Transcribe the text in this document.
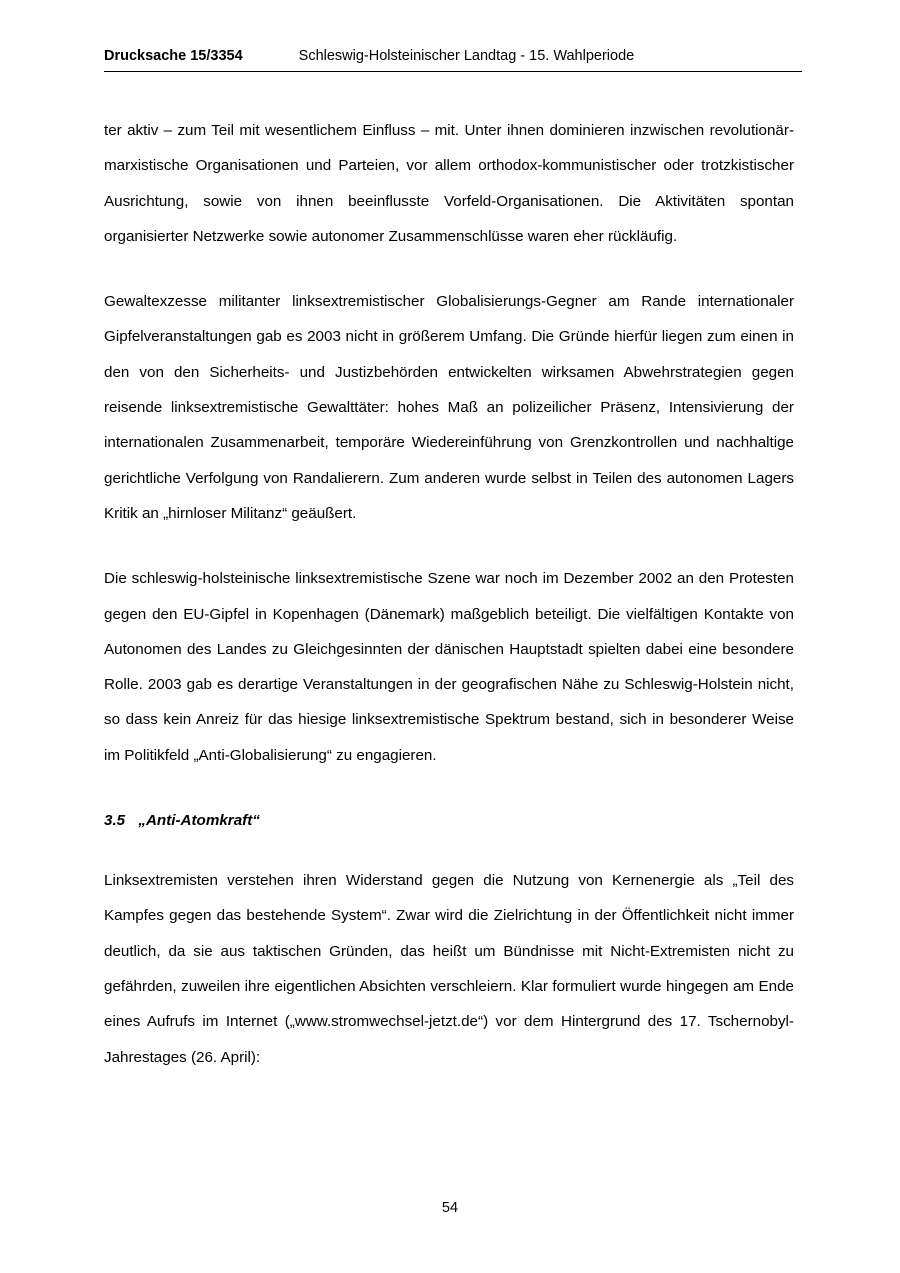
Drucksache 15/3354	Schleswig-Holsteinischer Landtag - 15. Wahlperiode

ter aktiv – zum Teil mit wesentlichem Einfluss – mit. Unter ihnen dominieren inzwischen revolutionär-marxistische Organisationen und Parteien, vor allem orthodox-kommunistischer oder trotzkistischer Ausrichtung, sowie von ihnen beeinflusste Vorfeld-Organisationen. Die Aktivitäten spontan organisierter Netzwerke sowie autonomer Zusammenschlüsse waren eher rückläufig.

Gewaltexzesse militanter linksextremistischer Globalisierungs-Gegner am Rande internationaler Gipfelveranstaltungen gab es 2003 nicht in größerem Umfang. Die Gründe hierfür liegen zum einen in den von den Sicherheits- und Justizbehörden entwickelten wirksamen Abwehrstrategien gegen reisende linksextremistische Gewalttäter: hohes Maß an polizeilicher Präsenz, Intensivierung der internationalen Zusammenarbeit, temporäre Wiedereinführung von Grenzkontrollen und nachhaltige gerichtliche Verfolgung von Randalierern. Zum anderen wurde selbst in Teilen des autonomen Lagers Kritik an „hirnloser Militanz“ geäußert.

Die schleswig-holsteinische linksextremistische Szene war noch im Dezember 2002 an den Protesten gegen den EU-Gipfel in Kopenhagen (Dänemark) maßgeblich beteiligt. Die vielfältigen Kontakte von Autonomen des Landes zu Gleichgesinnten der dänischen Hauptstadt spielten dabei eine besondere Rolle. 2003 gab es derartige Veranstaltungen in der geografischen Nähe zu Schleswig-Holstein nicht, so dass kein Anreiz für das hiesige linksextremistische Spektrum bestand, sich in besonderer Weise im Politikfeld „Anti-Globalisierung“ zu engagieren.

3.5 „Anti-Atomkraft“

Linksextremisten verstehen ihren Widerstand gegen die Nutzung von Kernenergie als „Teil des Kampfes gegen das bestehende System“. Zwar wird die Zielrichtung in der Öffentlichkeit nicht immer deutlich, da sie aus taktischen Gründen, das heißt um Bündnisse mit Nicht-Extremisten nicht zu gefährden, zuweilen ihre eigentlichen Absichten verschleiern. Klar formuliert wurde hingegen am Ende eines Aufrufs im Internet („www.stromwechsel-jetzt.de“) vor dem Hintergrund des 17. Tschernobyl-Jahrestages (26. April):

54
